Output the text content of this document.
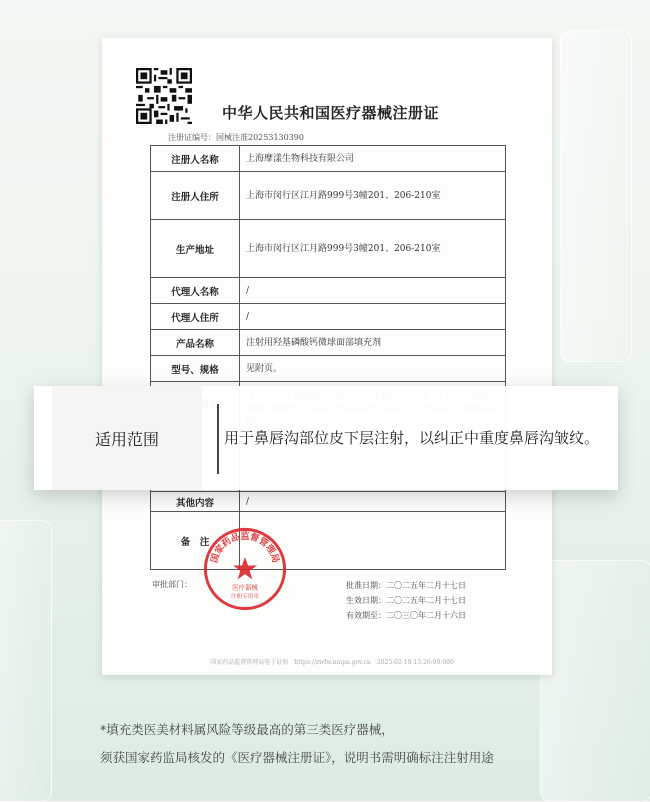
中华人民共和国医疗器械注册证
注册证编号：国械注准20253130390
注册人名称	上海摩漾生物科技有限公司
注册人住所	上海市闵行区江月路999号3幢201、206-210室
生产地址	上海市闵行区江月路999号3幢201、206-210室
代理人名称	/
代理人住所	/
产品名称	注射用羟基磷酸钙微球面部填充剂
型号、规格	见附页。

其他内容	/
备　注	
审批部门：	批准日期：二〇二五年二月十七日
生效日期：二〇二五年二月十七日
有效期至：二〇三〇年二月十六日
国家药品监督管理局
医疗器械
注册专用章
国家药品监督管理局电子证照　https://zwfw.nmpa.gov.cn　2025-02-18 13:26:09:000
适用范围	用于鼻唇沟部位皮下层注射，以纠正中重度鼻唇沟皱纹。
*填充类医美材料属风险等级最高的第三类医疗器械，
须获国家药监局核发的《医疗器械注册证》，说明书需明确标注注射用途
